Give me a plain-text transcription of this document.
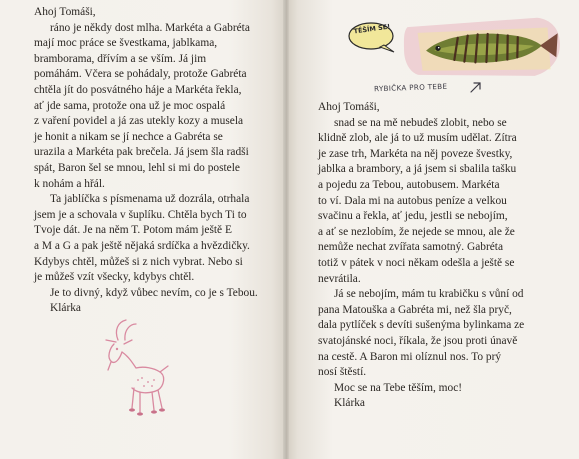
Ahoj Tomáši,

ráno je někdy dost mlha. Markéta a Gabréta
mají moc práce se švestkama, jablkama,
bramborama, dřívím a se vším. Já jim
pomáhám. Včera se pohádaly, protože Gabréta
chtěla jít do posvátného háje a Markéta řekla,
ať jde sama, protože ona už je moc ospalá
z vaření povidel a já zas utekly kozy a musela
je honit a nikam se jí nechce a Gabréta se
urazila a Markéta pak brečela. Já jsem šla radši
spát, Baron šel se mnou, lehl si mi do postele
k nohám a hřál.

Ta jablíčka s písmenama už dozrála, otrhala
jsem je a schovala v šuplíku. Chtěla bych Ti to
Tvoje dát. Je na něm T. Potom mám ještě E
a M a G a pak ještě nějaká srdíčka a hvězdičky.
Kdybys chtěl, můžeš si z nich vybrat. Nebo si
je můžeš vzít všecky, kdybys chtěl.

Je to divný, když vůbec nevím, co je s Tebou.

Klárka

TĚŠÍM SE!
RYBIČKA PRO TEBE

Ahoj Tomáši,

snad se na mě nebudeš zlobit, nebo se
klidně zlob, ale já to už musím udělat. Zítra
je zase trh, Markéta na něj poveze švestky,
jablka a brambory, a já jsem si sbalila tašku
a pojedu za Tebou, autobusem. Markéta
to ví. Dala mi na autobus peníze a velkou
svačinu a řekla, ať jedu, jestli se nebojím,
a ať se nezlobím, že nejede se mnou, ale že
nemůže nechat zvířata samotný. Gabréta
totiž v pátek v noci někam odešla a ještě se
nevrátila.

Já se nebojím, mám tu krabičku s vůní od
pana Matouška a Gabréta mi, než šla pryč,
dala pytlíček s devíti sušenýma bylinkama ze
svatojánské noci, říkala, že jsou proti únavě
na cestě. A Baron mi olíznul nos. To prý
nosí štěstí.

Moc se na Tebe těším, moc!

Klárka
